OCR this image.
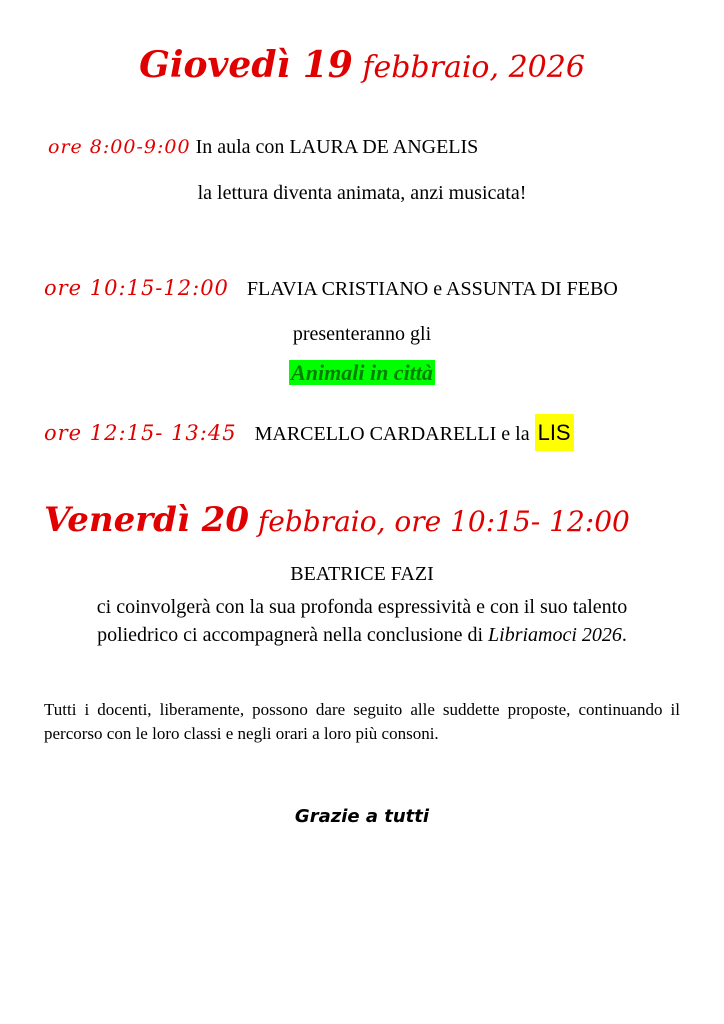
Giovedì 19 febbraio, 2026
ore 8:00-9:00 In aula con LAURA DE ANGELIS
la lettura diventa animata, anzi musicata!
ore 10:15-12:00 FLAVIA CRISTIANO e ASSUNTA DI FEBO
presenteranno gli
Animali in città
ore 12:15- 13:45 MARCELLO CARDARELLI e la LIS
Venerdì 20 febbraio, ore 10:15- 12:00
BEATRICE FAZI
ci coinvolgerà con la sua profonda espressività e con il suo talento
poliedrico ci accompagnerà nella conclusione di Libriamoci 2026.
Tutti i docenti, liberamente, possono dare seguito alle suddette proposte, continuando il percorso con le loro classi e negli orari a loro più consoni.
Grazie a tutti
